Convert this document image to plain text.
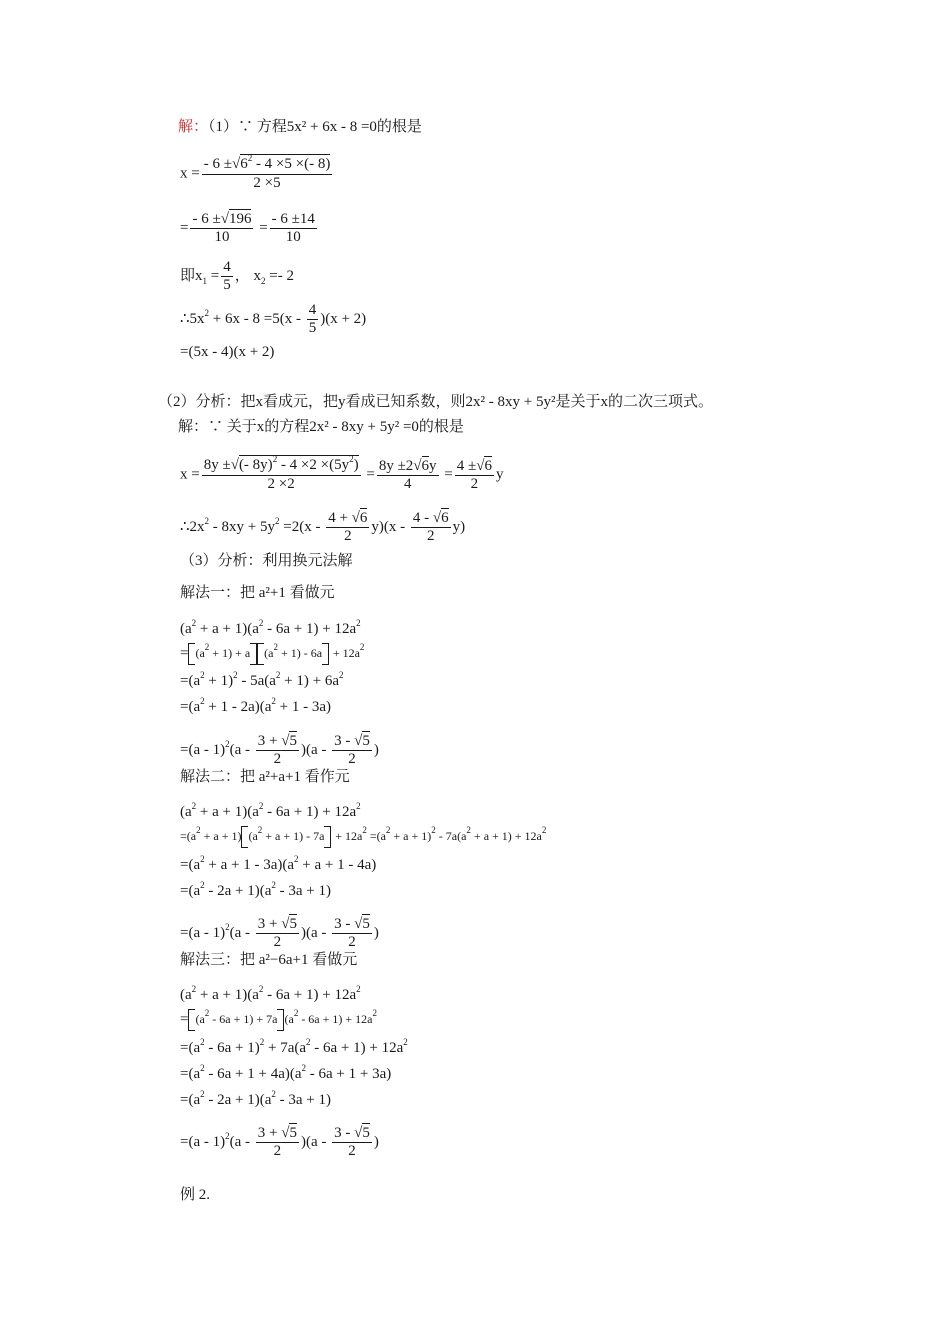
解：（1）∵ 方程5x² + 6x - 8 =0的根是
$x = \frac{- 6 \pm√6^2 - 4 \times 5 \times(- 8)}{2 \times 5}$
= $\frac{- 6 \pm√196}{10} = \frac{- 6 \pm 14}{10}$
即$x_1 = \frac{4}{5}$ ， $x_2 =- 2$
$\therefore 5x^2 + 6x - 8 =5(x - \frac{4}{5} )(x + 2)$
=(5x - 4)(x + 2)
（2）分析：把x看成元，把y看成已知系数，则2x² - 8xy + 5y²是关于x的二次三项式。
解：∵ 关于x的方程2x² - 8xy + 5y² =0的根是
$x = \frac{8y \pm√(- 8y)^2 - 4 \times 2 \times(5y^2)}{2 \times 2} = \frac{8y \pm 2√6y}{4} = \frac{4 \pm√6}{2}$ y
$\therefore 2x^2 - 8xy + 5y^2 =2(x - \frac{4 + √6}{2} y)(x - \frac{4 - √6}{2} y)$
（3）分析：利用换元法解
解法一：把 a²+1 看做元
$(a^2 + a + 1)(a^2 - 6a + 1) + 12a^2$
= $(a^2 + 1) + a$ $(a^2 + 1) - 6a + 12a^2$
$=(a^2 + 1)^2 - 5a(a^2 + 1) + 6a^2$
$=(a^2 + 1 - 2a)(a^2 + 1 - 3a)$
$=(a - 1)^2(a - \frac{3 + √5}{2} )(a - \frac{3 - √5}{2}$ )
解法二：把 a²+a+1 看作元
$(a^2 + a + 1)(a^2 - 6a + 1) + 12a^2$
$=(a^2 + a + 1) (a^2 + a + 1) - 7a + 12a^2 =(a^2 + a + 1)^2 - 7a(a^2 + a + 1) + 12a^2$
$=(a^2 + a + 1 - 3a)(a^2 + a + 1 - 4a)$
$=(a^2 - 2a + 1)(a^2 - 3a + 1)$
$=(a - 1)^2(a - \frac{3 + √5}{2} )(a - \frac{3 - √5}{2}$ )
解法三：把 a²−6a+1 看做元
$(a^2 + a + 1)(a^2 - 6a + 1) + 12a^2$
= $(a^2 - 6a + 1) + 7a$ $(a^2 - 6a + 1) + 12a^2$
$=(a^2 - 6a + 1)^2 + 7a(a^2 - 6a + 1) + 12a^2$
$=(a^2 - 6a + 1 + 4a)(a^2 - 6a + 1 + 3a)$
$=(a^2 - 2a + 1)(a^2 - 3a + 1)$
$=(a - 1)^2(a - \frac{3 + √5}{2} )(a - \frac{3 - √5}{2}$ )
例 2.
